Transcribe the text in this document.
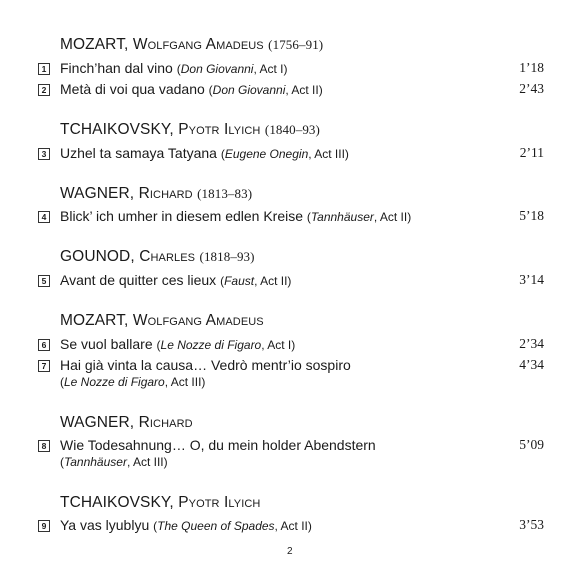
MOZART, Wolfgang Amadeus (1756–91)
1 Finch’han dal vino (Don Giovanni, Act I)	1’18
2 Metà di voi qua vadano (Don Giovanni, Act II)	2’43
TCHAIKOVSKY, Pyotr Ilyich (1840–93)
3 Uzhel ta samaya Tatyana (Eugene Onegin, Act III)	2’11
WAGNER, Richard (1813–83)
4 Blick’ ich umher in diesem edlen Kreise (Tannhäuser, Act II)	5’18
GOUNOD, Charles (1818–93)
5 Avant de quitter ces lieux (Faust, Act II)	3’14
MOZART, Wolfgang Amadeus
6 Se vuol ballare (Le Nozze di Figaro, Act I)	2’34
7 Hai già vinta la causa… Vedrò mentr’io sospiro	4’34
(Le Nozze di Figaro, Act III)
WAGNER, Richard
8 Wie Todesahnung… O, du mein holder Abendstern	5’09
(Tannhäuser, Act III)
TCHAIKOVSKY, Pyotr Ilyich
9 Ya vas lyublyu (The Queen of Spades, Act II)	3’53
2
